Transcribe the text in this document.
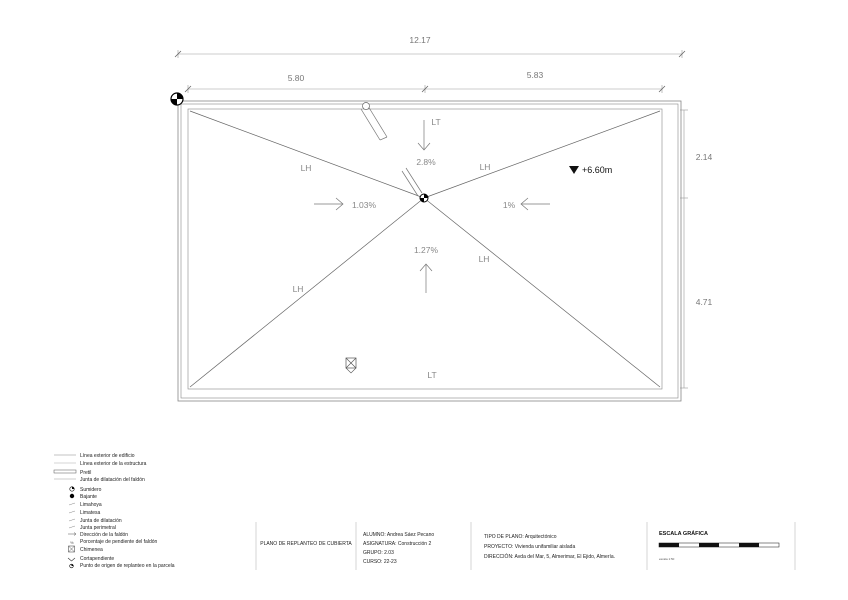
12.17
5.80	5.83
2.14
4.71
LT
LT
LH	LH
LH
LH
2.8%
1.03%	1%
1.27%
+6.60m
%
Línea exterior de edificio
Línea exterior de la estructura
Pretil
Junta de dilatación del faldón
Sumidero
Bajante
Limahoya
Limatesa
Junta de dilatación
Junta perimetral
Dirección de la faldón
Porcentaje de pendiente del faldón
Chimenea
Cortapendiente
Punto de origen de replanteo en la parcela
PLANO DE REPLANTEO DE CUBIERTA
ALUMNO: Andrea Sáez Pecano
ASIGNATURA: Construcción 2
GRUPO: 2.03
CURSO: 22-23
TIPO DE PLANO: Arquitectónico
PROYECTO: Vivienda unifamiliar aislada
DIRECCIÓN: Avda del Mar, 5, Almerimar, El Ejido, Almería.
ESCALA GRÁFICA
escala 1:50
